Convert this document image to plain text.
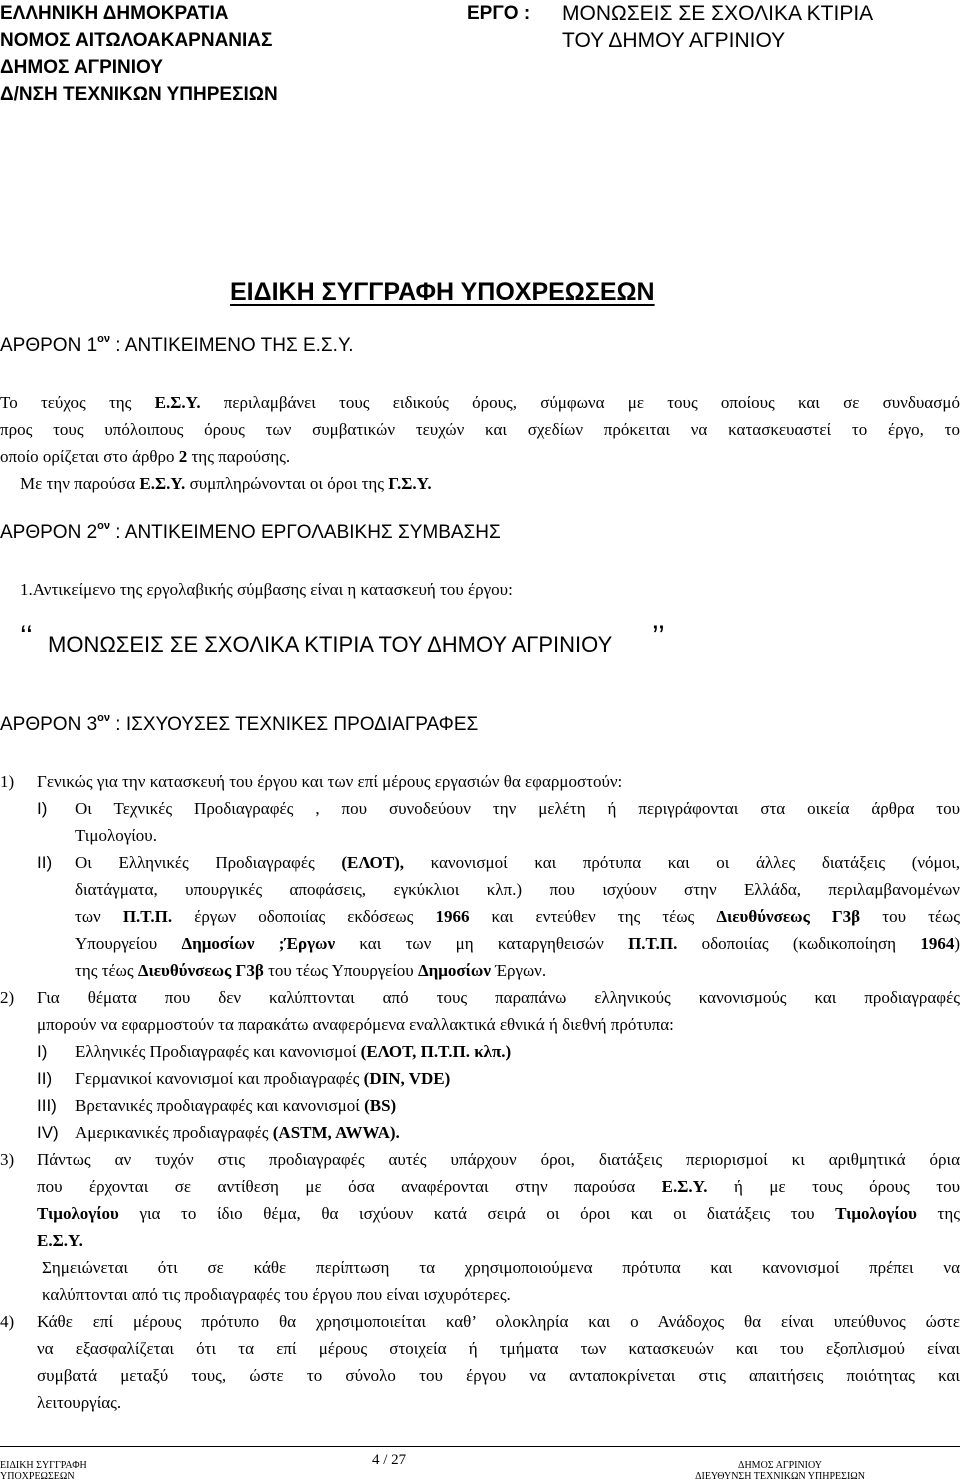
ΕΛΛΗΝΙΚΗ ΔΗΜΟΚΡΑΤΙΑ
ΝΟΜΟΣ ΑΙΤΩΛΟΑΚΑΡΝΑΝΙΑΣ
ΔΗΜΟΣ ΑΓΡΙΝΙΟΥ
Δ/ΝΣΗ ΤΕΧΝΙΚΩΝ ΥΠΗΡΕΣΙΩΝ
ΕΡΓΟ : ΜΟΝΩΣΕΙΣ ΣΕ ΣΧΟΛΙΚΑ ΚΤΙΡΙΑ
ΤΟΥ ΔΗΜΟΥ ΑΓΡΙΝΙΟΥ
ΕΙΔΙΚΗ ΣΥΓΓΡΑΦΗ ΥΠΟΧΡΕΩΣΕΩΝ
ΑΡΘΡΟΝ $1^{o\nu}$ : ΑΝΤΙΚΕΙΜΕΝΟ ΤΗΣ Ε.Σ.Υ.
Το τεύχος της Ε.Σ.Υ. περιλαμβάνει τους ειδικούς όρους, σύμφωνα με τους οποίους και σε συνδυασμό
προς τους υπόλοιπους όρους των συμβατικών τευχών και σχεδίων πρόκειται να κατασκευαστεί το έργο, το
οποίο ορίζεται στο άρθρο 2 της παρούσης.
Με την παρούσα Ε.Σ.Υ. συμπληρώνονται οι όροι της Γ.Σ.Υ.
ΑΡΘΡΟΝ $2^{o\nu}$ : ΑΝΤΙΚΕΙΜΕΝΟ ΕΡΓΟΛΑΒΙΚΗΣ ΣΥΜΒΑΣΗΣ
1.Αντικείμενο της εργολαβικής σύμβασης είναι η κατασκευή του έργου:
‘‘ ΜΟΝΩΣΕΙΣ ΣΕ ΣΧΟΛΙΚΑ ΚΤΙΡΙΑ ΤΟΥ ΔΗΜΟΥ ΑΓΡΙΝΙΟΥ ’’
ΑΡΘΡΟΝ $3^{o\nu}$ : ΙΣΧΥΟΥΣΕΣ ΤΕΧΝΙΚΕΣ ΠΡΟΔΙΑΓΡΑΦΕΣ
1) Γενικώς για την κατασκευή του έργου και των επί μέρους εργασιών θα εφαρμοστούν:
Ι) Οι Τεχνικές Προδιαγραφές , που συνοδεύουν την μελέτη ή περιγράφονται στα οικεία άρθρα του
Τιμολογίου.
ΙΙ) Οι Ελληνικές Προδιαγραφές (ΕΛΟΤ), κανονισμοί και πρότυπα και οι άλλες διατάξεις (νόμοι,
διατάγματα, υπουργικές αποφάσεις, εγκύκλιοι κλπ.) που ισχύουν στην Ελλάδα, περιλαμβανομένων
των Π.Τ.Π. έργων οδοποιίας εκδόσεως 1966 και εντεύθεν της τέως Διευθύνσεως Γ3β του τέως
Υπουργείου Δημοσίων ;Έργων και των μη καταργηθεισών Π.Τ.Π. οδοποιίας (κωδικοποίηση 1964)
της τέως Διευθύνσεως Γ3β του τέως Υπουργείου Δημοσίων Έργων.
2) Για θέματα που δεν καλύπτονται από τους παραπάνω ελληνικούς κανονισμούς και προδιαγραφές
μπορούν να εφαρμοστούν τα παρακάτω αναφερόμενα εναλλακτικά εθνικά ή διεθνή πρότυπα:
Ι) Ελληνικές Προδιαγραφές και κανονισμοί (ΕΛΟΤ, Π.Τ.Π. κλπ.)
ΙΙ) Γερμανικοί κανονισμοί και προδιαγραφές (DIN, VDE)
ΙΙΙ) Βρετανικές προδιαγραφές και κανονισμοί (BS)
ΙV) Αμερικανικές προδιαγραφές (ASTM, AWWA).
3) Πάντως αν τυχόν στις προδιαγραφές αυτές υπάρχουν όροι, διατάξεις περιορισμοί κι αριθμητικά όρια
που έρχονται σε αντίθεση με όσα αναφέρονται στην παρούσα Ε.Σ.Υ. ή με τους όρους του
Τιμολογίου για το ίδιο θέμα, θα ισχύουν κατά σειρά οι όροι και οι διατάξεις του Τιμολογίου της
Ε.Σ.Υ.
Σημειώνεται ότι σε κάθε περίπτωση τα χρησιμοποιούμενα πρότυπα και κανονισμοί πρέπει να
καλύπτονται από τις προδιαγραφές του έργου που είναι ισχυρότερες.
4) Κάθε επί μέρους πρότυπο θα χρησιμοποιείται καθ’ ολοκληρία και ο Ανάδοχος θα είναι υπεύθυνος ώστε
να εξασφαλίζεται ότι τα επί μέρους στοιχεία ή τμήματα των κατασκευών και του εξοπλισμού είναι
συμβατά μεταξύ τους, ώστε το σύνολο του έργου να ανταποκρίνεται στις απαιτήσεις ποιότητας και
λειτουργίας.
ΕΙΔΙΚΗ ΣΥΓΓΡΑΦΗ
ΥΠΟΧΡΕΩΣΕΩΝ
4 / 27	ΔΗΜΟΣ ΑΓΡΙΝΙΟΥ
ΔΙΕΥΘΥΝΣΗ ΤΕΧΝΙΚΩΝ ΥΠΗΡΕΣΙΩΝ
